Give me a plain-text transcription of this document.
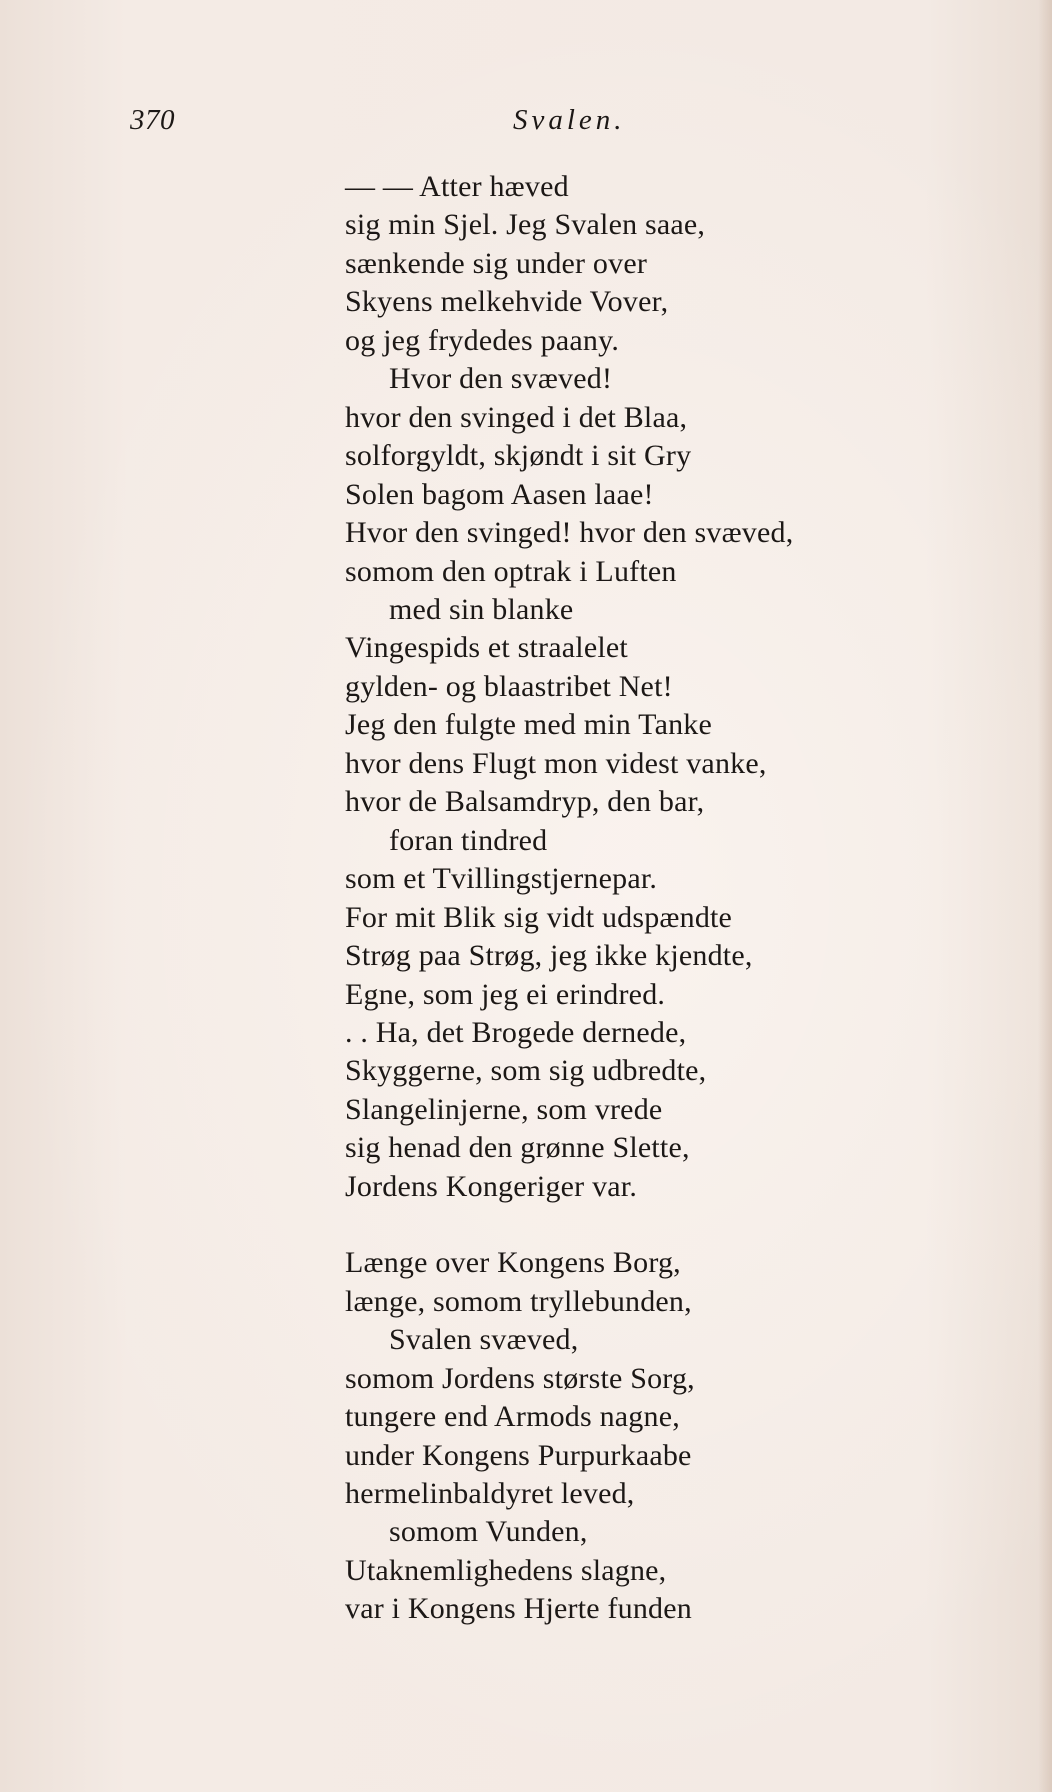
370	Svalen.
— — Atter hæved
sig min Sjel. Jeg Svalen saae,
sænkende sig under over
Skyens melkehvide Vover,
og jeg frydedes paany.
Hvor den svæved!
hvor den svinged i det Blaa,
solforgyldt, skjøndt i sit Gry
Solen bagom Aasen laae!
Hvor den svinged! hvor den svæved,
somom den optrak i Luften
med sin blanke
Vingespids et straalelet
gylden- og blaastribet Net!
Jeg den fulgte med min Tanke
hvor dens Flugt mon videst vanke,
hvor de Balsamdryp, den bar,
foran tindred
som et Tvillingstjernepar.
For mit Blik sig vidt udspændte
Strøg paa Strøg, jeg ikke kjendte,
Egne, som jeg ei erindred.
. . Ha, det Brogede dernede,
Skyggerne, som sig udbredte,
Slangelinjerne, som vrede
sig henad den grønne Slette,
Jordens Kongeriger var.
Længe over Kongens Borg,
længe, somom tryllebunden,
Svalen svæved,
somom Jordens største Sorg,
tungere end Armods nagne,
under Kongens Purpurkaabe
hermelinbaldyret leved,
somom Vunden,
Utaknemlighedens slagne,
var i Kongens Hjerte funden
